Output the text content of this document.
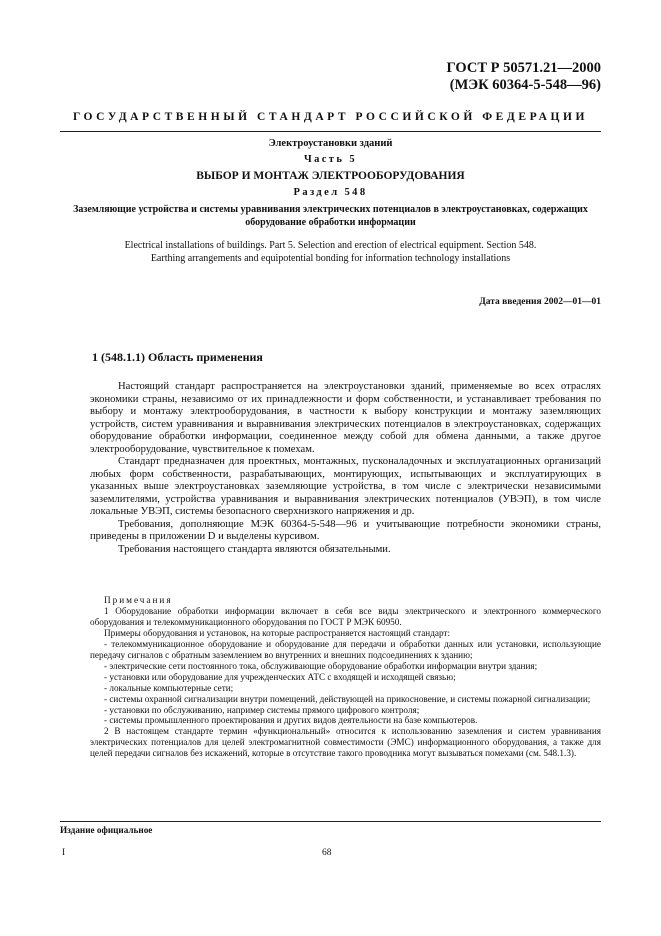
ГОСТ Р 50571.21—2000
(МЭК 60364-5-548—96)
ГОСУДАРСТВЕННЫЙ СТАНДАРТ РОССИЙСКОЙ ФЕДЕРАЦИИ
Электроустановки зданий
Часть 5
ВЫБОР И МОНТАЖ ЭЛЕКТРООБОРУДОВАНИЯ
Раздел 548
Заземляющие устройства и системы уравнивания электрических потенциалов в электроустановках, содержащих оборудование обработки информации
Electrical installations of buildings. Part 5. Selection and erection of electrical equipment. Section 548.
Earthing arrangements and equipotential bonding for information technology installations
Дата введения 2002—01—01
1 (548.1.1) Область применения

Настоящий стандарт распространяется на электроустановки зданий, применяемые во всех отраслях экономики страны, независимо от их принадлежности и форм собственности, и устанавливает требования по выбору и монтажу электрооборудования, в частности к выбору конструкции и монтажу заземляющих устройств, систем уравнивания и выравнивания электрических потенциалов в электроустановках, содержащих оборудование обработки информации, соединенное между собой для обмена данными, а также другое электрооборудование, чувствительное к помехам.

Стандарт предназначен для проектных, монтажных, пусконаладочных и эксплуатационных организаций любых форм собственности, разрабатывающих, монтирующих, испытывающих и эксплуатирующих в указанных выше электроустановках заземляющие устройства, в том числе с электрически независимыми заземлителями, устройства уравнивания и выравнивания электрических потенциалов (УВЭП), в том числе локальные УВЭП, системы безопасного сверхнизкого напряжения и др.

Требования, дополняющие МЭК 60364-5-548—96 и учитывающие потребности экономики страны, приведены в приложении D и выделены курсивом.

Требования настоящего стандарта являются обязательными.

Примечания

1 Оборудование обработки информации включает в себя все виды электрического и электронного коммерческого оборудования и телекоммуникационного оборудования по ГОСТ Р МЭК 60950.

Примеры оборудования и установок, на которые распространяется настоящий стандарт:

- телекоммуникационное оборудование и оборудование для передачи и обработки данных или установки, использующие передачу сигналов с обратным заземлением во внутренних и внешних подсоединениях к зданию;

- электрические сети постоянного тока, обслуживающие оборудование обработки информации внутри здания;

- установки или оборудование для учрежденческих АТС с входящей и исходящей связью;

- локальные компьютерные сети;

- системы охранной сигнализации внутри помещений, действующей на прикосновение, и системы пожарной сигнализации;

- установки по обслуживанию, например системы прямого цифрового контроля;

- системы промышленного проектирования и других видов деятельности на базе компьютеров.

2 В настоящем стандарте термин «функциональный» относится к использованию заземления и систем уравнивания электрических потенциалов для целей электромагнитной совместимости (ЭМС) информационного оборудования, а также для целей передачи сигналов без искажений, которые в отсутствие такого проводника могут вызываться помехами (см. 548.1.3).

Издание официальное
I	68
